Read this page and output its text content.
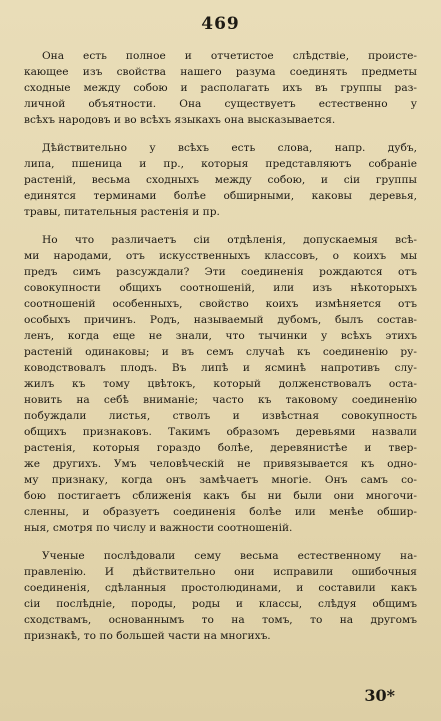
469
Она есть полное и отчетистое слѣдствіе, проистe-
кающее изъ свойства нашего разума соединять предметы
сходные между собою и располагать ихъ въ группы раз-
личной объятности. Она существуетъ естественно у
всѣхъ народовъ и во всѣхъ языкахъ она высказывается.
Дѣйствительно у всѣхъ есть слова, напр. дубъ,
липа, пшеница и пр., которыя представляютъ собраніе
растеній, весьма сходныхъ между собою, и сіи группы
единятся терминами болѣе обширными, каковы деревья,
травы, питательныя растенія и пр.
Но что различаетъ сіи отдѣленія, допускаемыя всѣ-
ми народами, отъ искусственныхъ классовъ, о коихъ мы
предъ симъ разсуждали? Эти соединенія рождаются отъ
совокупности общихъ соотношеній, или изъ нѣкоторыхъ
соотношеній особенныхъ, свойство коихъ измѣняется отъ
особыхъ причинъ. Родъ, называемый дубомъ, былъ состав-
ленъ, когда еще не знали, что тычинки у всѣхъ этихъ
растеній одинаковы; и въ семъ случаѣ къ соединенію ру-
ководствовалъ плодъ. Въ липѣ и ясминѣ напротивъ слу-
жилъ къ тому цвѣтокъ, который долженствовалъ оста-
новить на себѣ вниманіе; часто къ таковому соединенію
побуждали листья, стволъ и извѣстная совокупность
общихъ признаковъ. Такимъ образомъ деревьями назвали
растенія, которыя гораздо болѣе, деревянистѣе и твер-
же другихъ. Умъ человѣческій не привязывается къ одно-
му признаку, когда онъ замѣчаетъ многіе. Онъ самъ со-
бою постигаетъ сближенія какъ бы ни были они многочи-
сленны, и образуетъ соединенія болѣе или менѣе обшир-
ныя, смотря по числу и важности соотношеній.
Ученые послѣдовали сему весьма естественному на-
правленію. И дѣйствительно они исправили ошибочныя
соединенія, сдѣланныя простолюдинами, и составили какъ
сіи послѣдніе, породы, роды и классы, слѣдуя общимъ
сходствамъ, основаннымъ то на томъ, то на другомъ
признакѣ, то по большей части на многихъ.
30*
